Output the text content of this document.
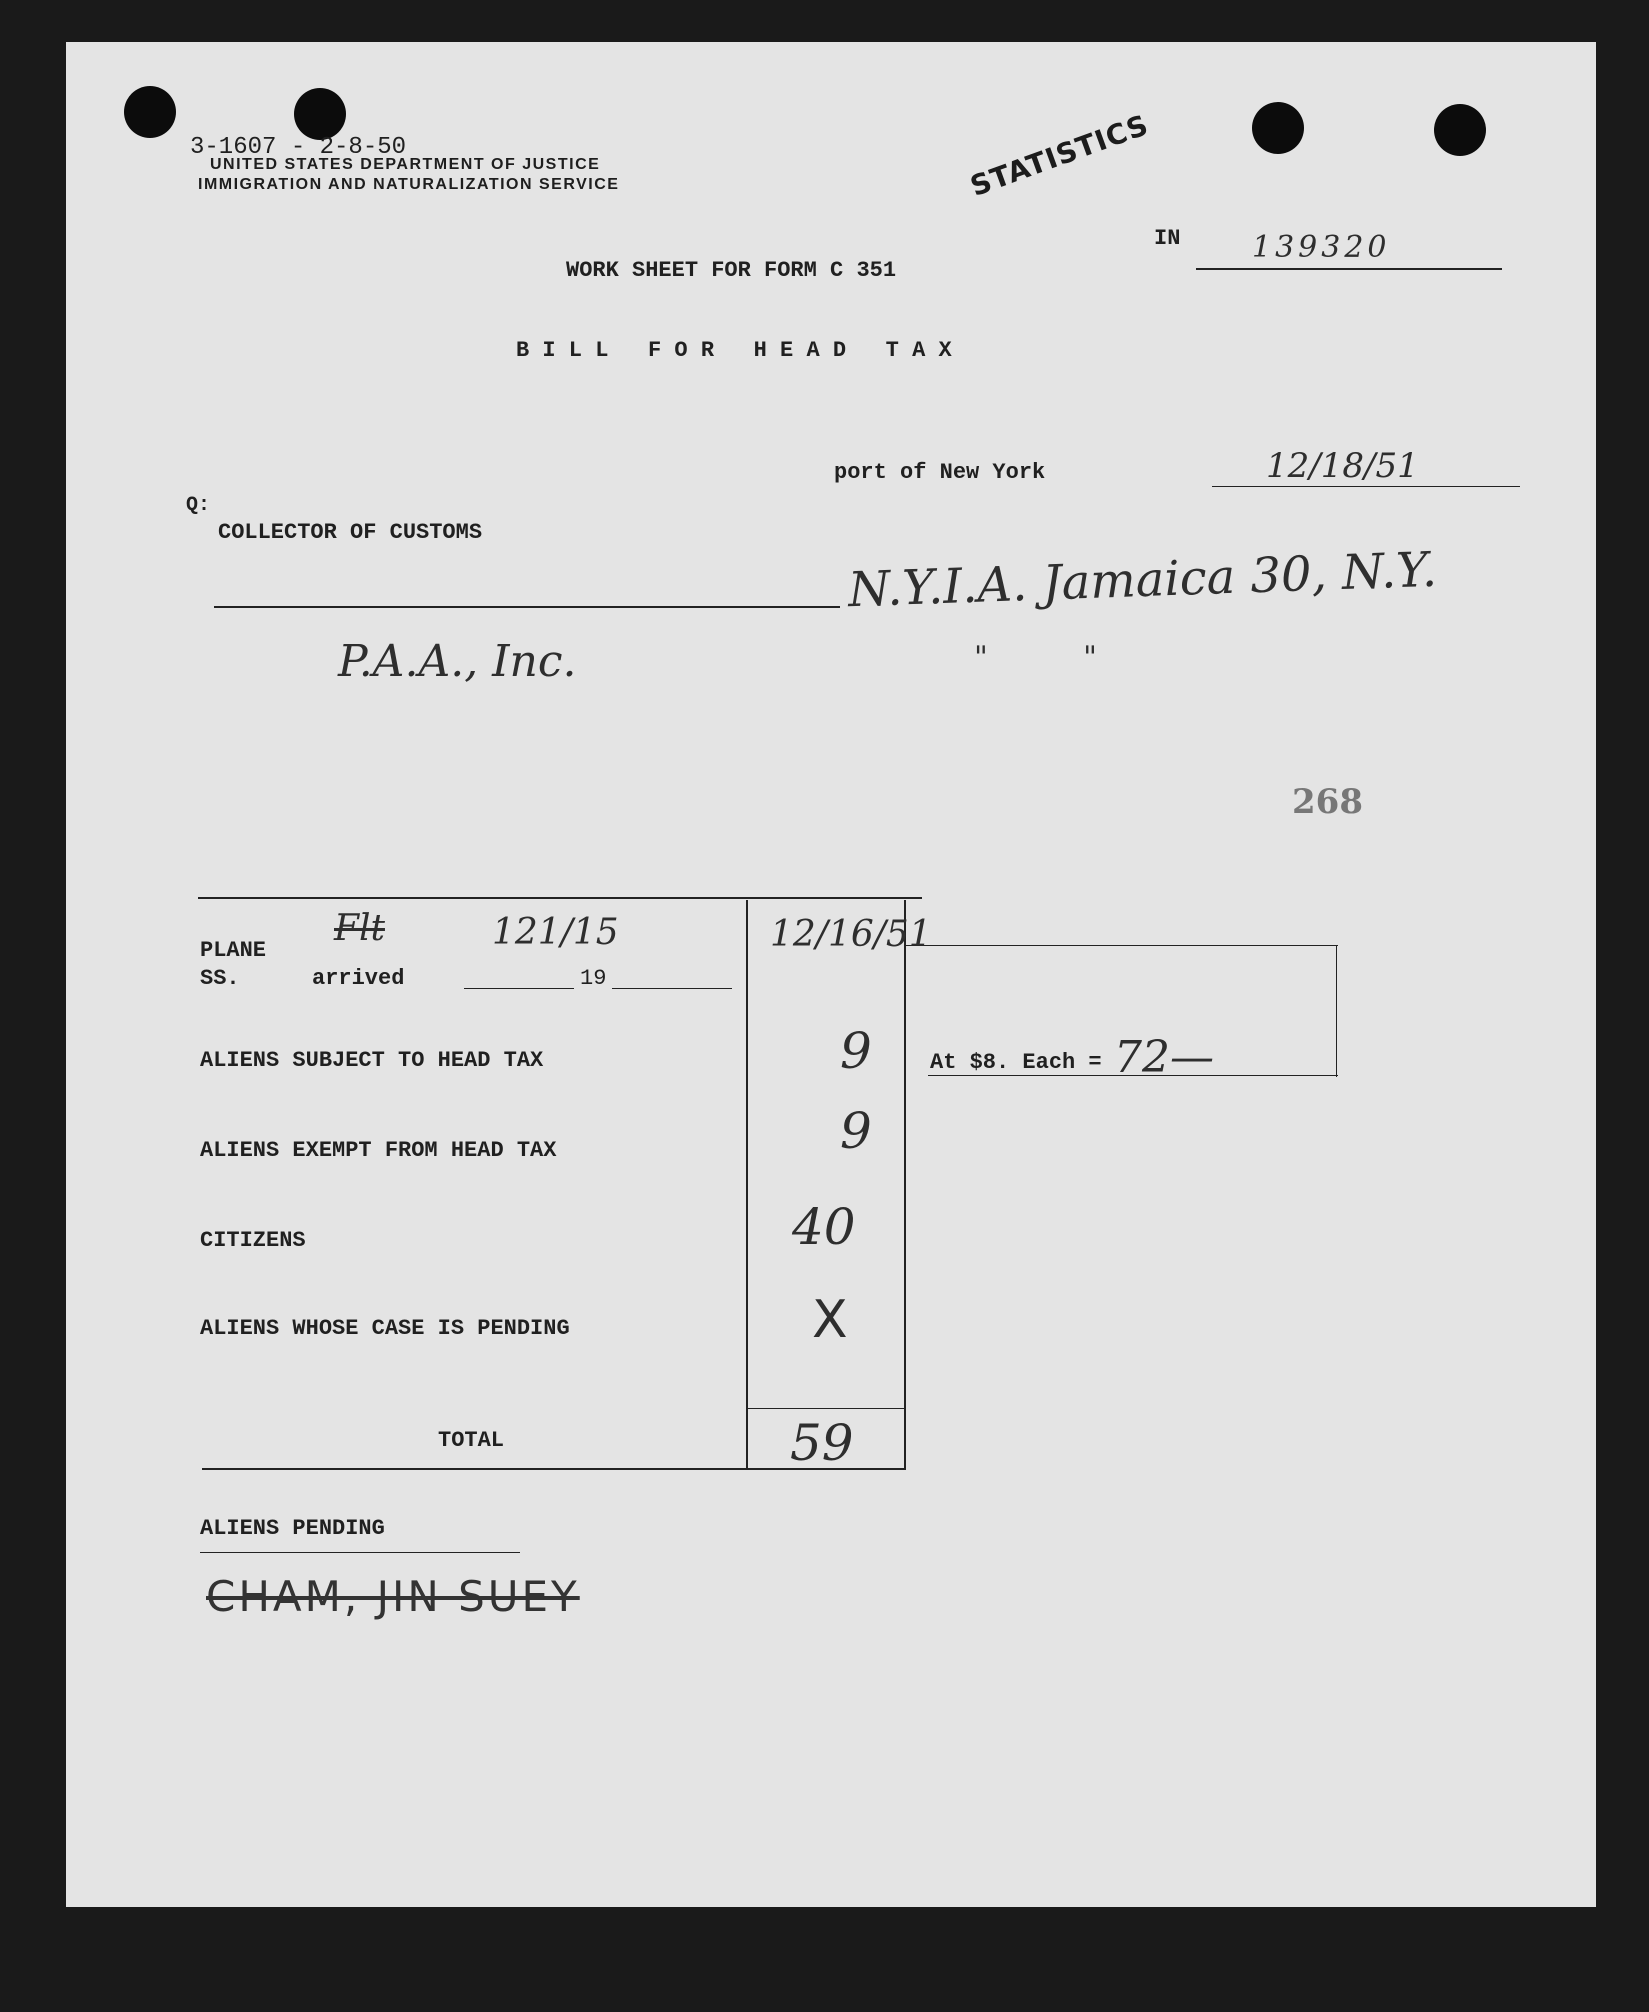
3-1607 - 2-8-50
UNITED STATES DEPARTMENT OF JUSTICE
IMMIGRATION AND NATURALIZATION SERVICE	STATISTICS
IN 139320
WORK SHEET FOR FORM C 351
B I L L   F O R   H E A D   T A X
port of New York	12/18/51
Q:
COLLECTOR OF CUSTOMS
N.Y.I.A. Jamaica 30, N.Y.
P.A.A., Inc.	"          "
268
PLANE
SS.	arrived	19
Flt	121/15	12/16/51
At $8. Each = 72—
ALIENS SUBJECT TO HEAD TAX	9
ALIENS EXEMPT FROM HEAD TAX	9
CITIZENS	40
ALIENS WHOSE CASE IS PENDING	X
TOTAL	59
ALIENS PENDING
CHAM, JIN SUEY
